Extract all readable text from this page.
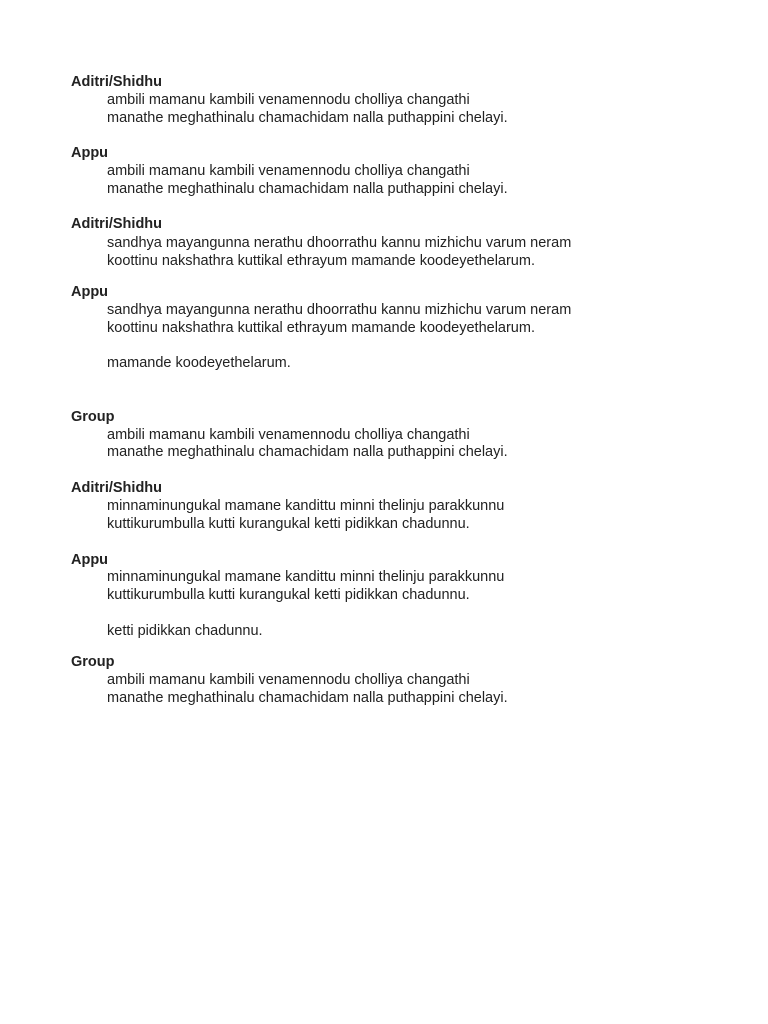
Aditri/Shidhu
ambili mamanu kambili venamennodu cholliya changathi
manathe meghathinalu chamachidam nalla puthappini chelayi.
Appu
ambili mamanu kambili venamennodu cholliya changathi
manathe meghathinalu chamachidam nalla puthappini chelayi.
Aditri/Shidhu
sandhya mayangunna nerathu dhoorrathu kannu mizhichu varum neram
koottinu nakshathra kuttikal ethrayum mamande koodeyethelarum.
Appu
sandhya mayangunna nerathu dhoorrathu kannu mizhichu varum neram
koottinu nakshathra kuttikal ethrayum mamande koodeyethelarum.
mamande koodeyethelarum.
Group
ambili mamanu kambili venamennodu cholliya changathi
manathe meghathinalu chamachidam nalla puthappini chelayi.
Aditri/Shidhu
minnaminungukal mamane kandittu minni thelinju parakkunnu
kuttikurumbulla kutti kurangukal ketti pidikkan chadunnu.
Appu
minnaminungukal mamane kandittu minni thelinju parakkunnu
kuttikurumbulla kutti kurangukal ketti pidikkan chadunnu.
ketti pidikkan chadunnu.
Group
ambili mamanu kambili venamennodu cholliya changathi
manathe meghathinalu chamachidam nalla puthappini chelayi.
